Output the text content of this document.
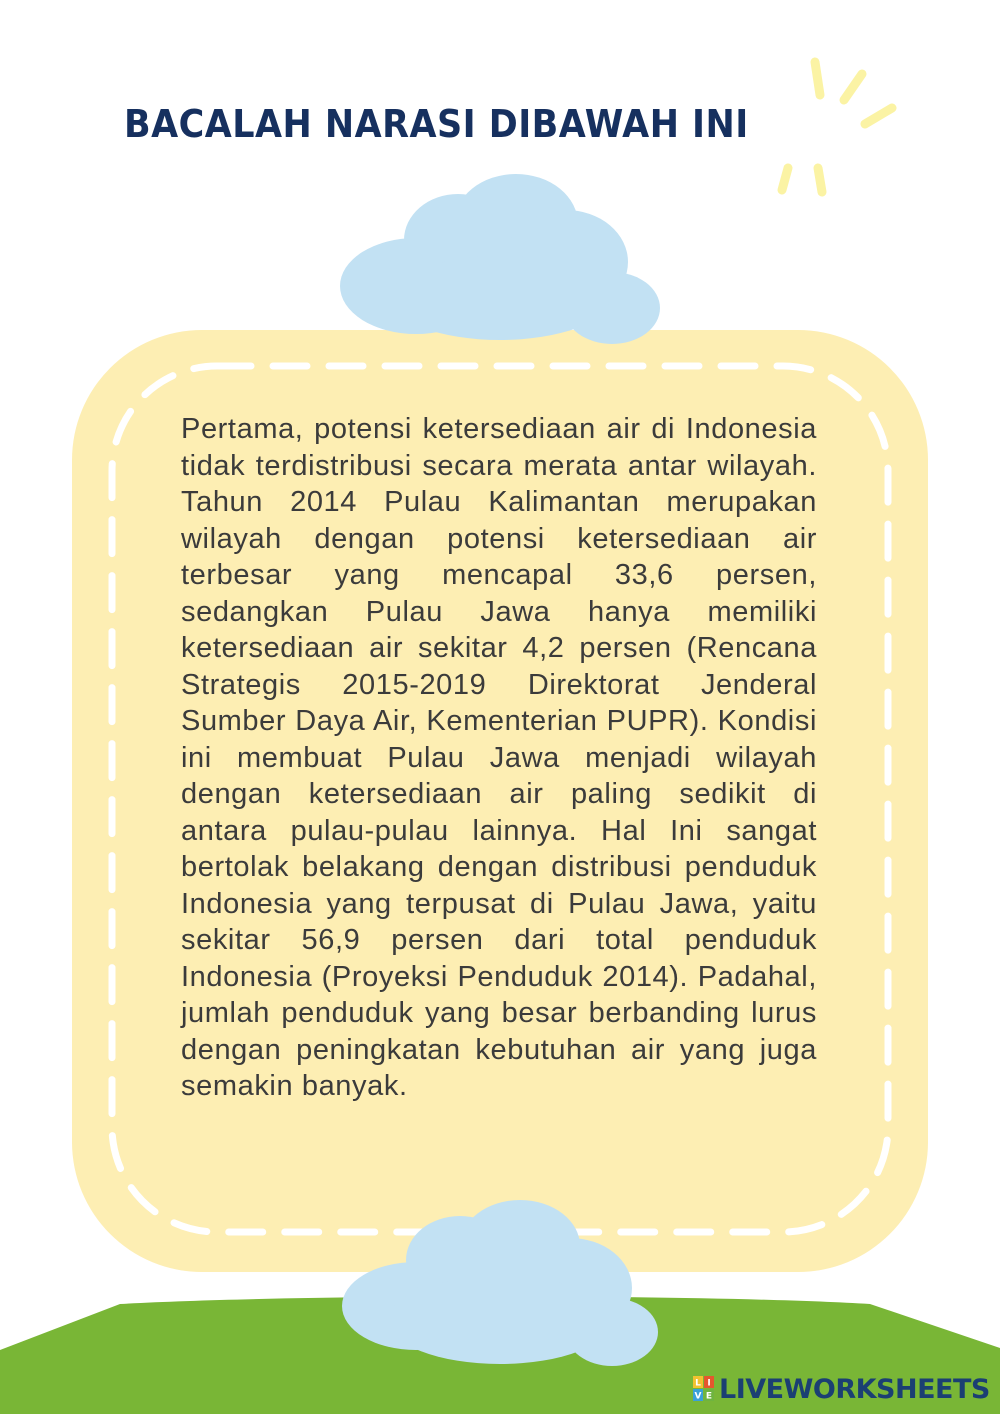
BACALAH NARASI DIBAWAH INI

Pertama, potensi ketersediaan air di Indonesia tidak terdistribusi secara merata antar wilayah. Tahun 2014 Pulau Kalimantan merupakan wilayah dengan potensi ketersediaan air terbesar yang mencapal 33,6 persen, sedangkan Pulau Jawa hanya memiliki ketersediaan air sekitar 4,2 persen (Rencana Strategis 2015-2019 Direktorat Jenderal Sumber Daya Air, Kementerian PUPR). Kondisi ini membuat Pulau Jawa menjadi wilayah dengan ketersediaan air paling sedikit di antara pulau-pulau lainnya. Hal Ini sangat bertolak belakang dengan distribusi penduduk Indonesia yang terpusat di Pulau Jawa, yaitu sekitar 56,9 persen dari total penduduk Indonesia (Proyeksi Penduduk 2014). Padahal, jumlah penduduk yang besar berbanding lurus dengan peningkatan kebutuhan air yang juga semakin banyak.

L I
V E LIVEWORKSHEETS
